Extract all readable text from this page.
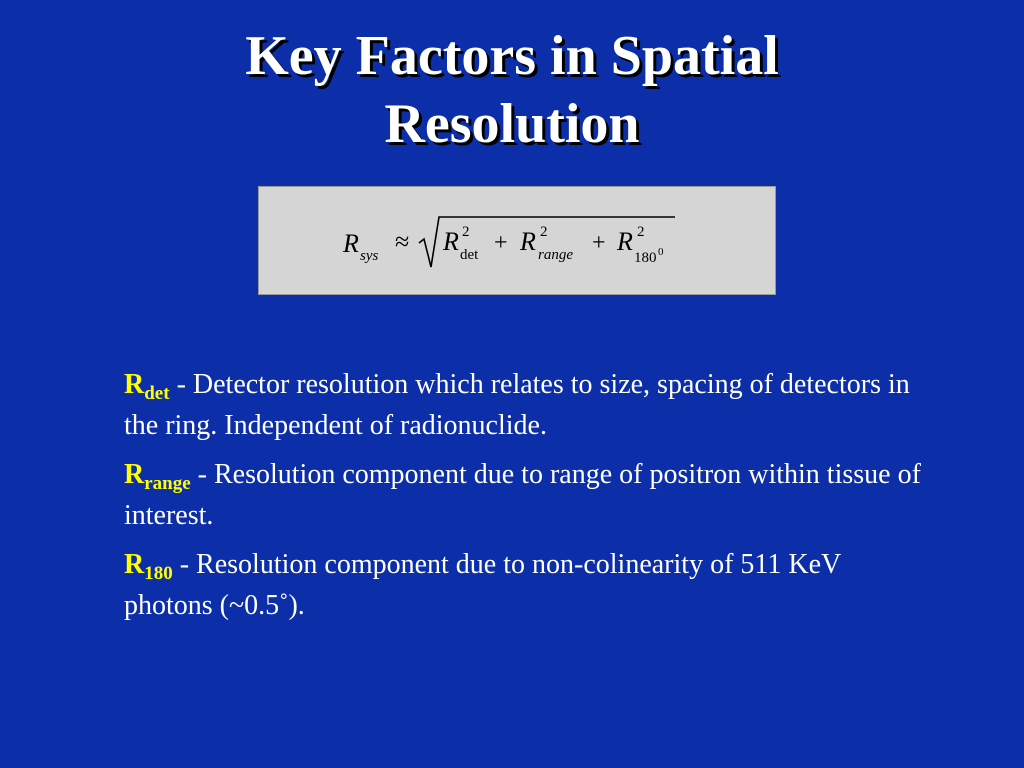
Key Factors in Spatial
Resolution
R sys ≈ R 2
det + R 2
range + R 2
180 0

$R_{det}$ - Detector resolution which relates to size, spacing of detectors in the ring. Independent of radionuclide.

$R_{range}$ - Resolution component due to range of positron within tissue of interest.

$R_{180}$ - Resolution component due to non-colinearity of 511 KeV photons (~0.5˚).
